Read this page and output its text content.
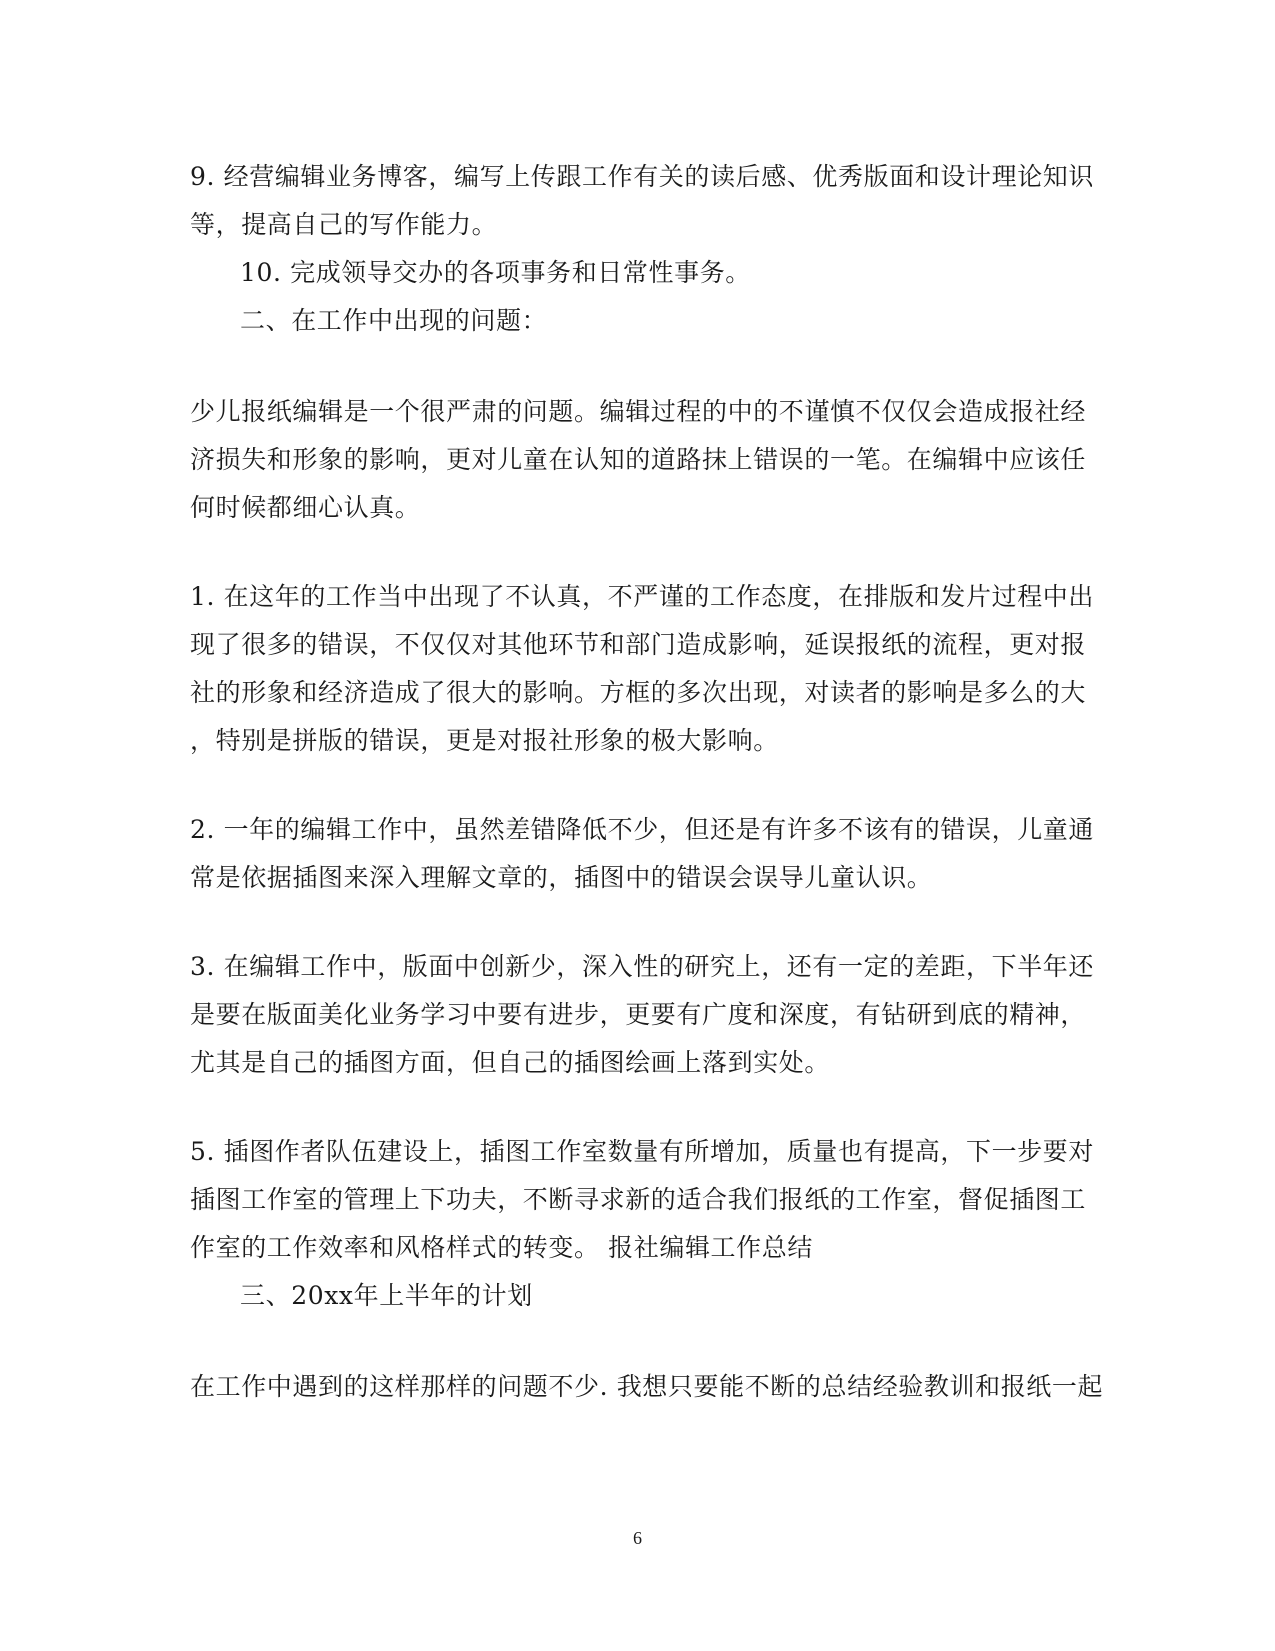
9. 经营编辑业务博客，编写上传跟工作有关的读后感、优秀版面和设计理论知识
等，提高自己的写作能力。
10. 完成领导交办的各项事务和日常性事务。
二、在工作中出现的问题：
少儿报纸编辑是一个很严肃的问题。编辑过程的中的不谨慎不仅仅会造成报社经
济损失和形象的影响，更对儿童在认知的道路抹上错误的一笔。在编辑中应该任
何时候都细心认真。
1. 在这年的工作当中出现了不认真，不严谨的工作态度，在排版和发片过程中出
现了很多的错误，不仅仅对其他环节和部门造成影响，延误报纸的流程，更对报
社的形象和经济造成了很大的影响。方框的多次出现，对读者的影响是多么的大
，特别是拼版的错误，更是对报社形象的极大影响。
2. 一年的编辑工作中，虽然差错降低不少，但还是有许多不该有的错误，儿童通
常是依据插图来深入理解文章的，插图中的错误会误导儿童认识。
3. 在编辑工作中，版面中创新少，深入性的研究上，还有一定的差距，下半年还
是要在版面美化业务学习中要有进步，更要有广度和深度，有钻研到底的精神，
尤其是自己的插图方面，但自己的插图绘画上落到实处。
5. 插图作者队伍建设上，插图工作室数量有所增加，质量也有提高，下一步要对
插图工作室的管理上下功夫，不断寻求新的适合我们报纸的工作室，督促插图工
作室的工作效率和风格样式的转变。 报社编辑工作总结
三、20xx年上半年的计划
在工作中遇到的这样那样的问题不少. 我想只要能不断的总结经验教训和报纸一起
6
